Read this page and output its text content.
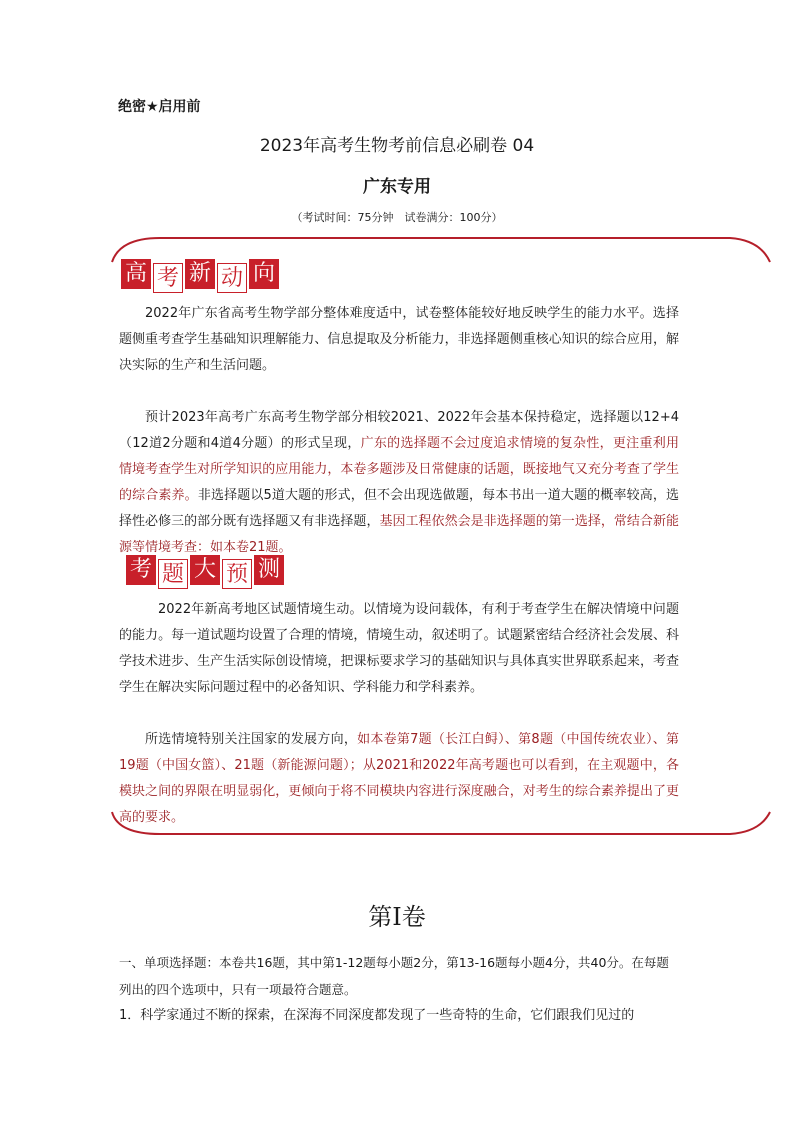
绝密★启用前
2023年高考生物考前信息必刷卷 04
广东专用
（考试时间：75分钟　试卷满分：100分）
高 考 新 动 向

2022年广东省高考生物学部分整体难度适中，试卷整体能较好地反映学生的能力水平。选择题侧重考查学生基础知识理解能力、信息提取及分析能力，非选择题侧重核心知识的综合应用，解决实际的生产和生活问题。

预计2023年高考广东高考生物学部分相较2021、2022年会基本保持稳定，选择题以12+4（12道2分题和4道4分题）的形式呈现，广东的选择题不会过度追求情境的复杂性，更注重利用情境考查学生对所学知识的应用能力，本卷多题涉及日常健康的话题，既接地气又充分考查了学生的综合素养。非选择题以5道大题的形式，但不会出现选做题，每本书出一道大题的概率较高，选择性必修三的部分既有选择题又有非选择题，基因工程依然会是非选择题的第一选择，常结合新能源等情境考查：如本卷21题。

考 题 大 预 测

2022年新高考地区试题情境生动。以情境为设问载体，有利于考查学生在解决情境中问题的能力。每一道试题均设置了合理的情境，情境生动，叙述明了。试题紧密结合经济社会发展、科学技术进步、生产生活实际创设情境，把课标要求学习的基础知识与具体真实世界联系起来，考查学生在解决实际问题过程中的必备知识、学科能力和学科素养。

所选情境特别关注国家的发展方向，如本卷第7题（长江白鲟）、第8题（中国传统农业）、第19题（中国女篮）、21题（新能源问题）；从2021和2022年高考题也可以看到，在主观题中，各模块之间的界限在明显弱化，更倾向于将不同模块内容进行深度融合，对考生的综合素养提出了更高的要求。

第Ⅰ卷

一、单项选择题：本卷共16题，其中第1-12题每小题2分，第13-16题每小题4分，共40分。在每题列出的四个选项中，只有一项最符合题意。

1．科学家通过不断的探索，在深海不同深度都发现了一些奇特的生命，它们跟我们见过的
